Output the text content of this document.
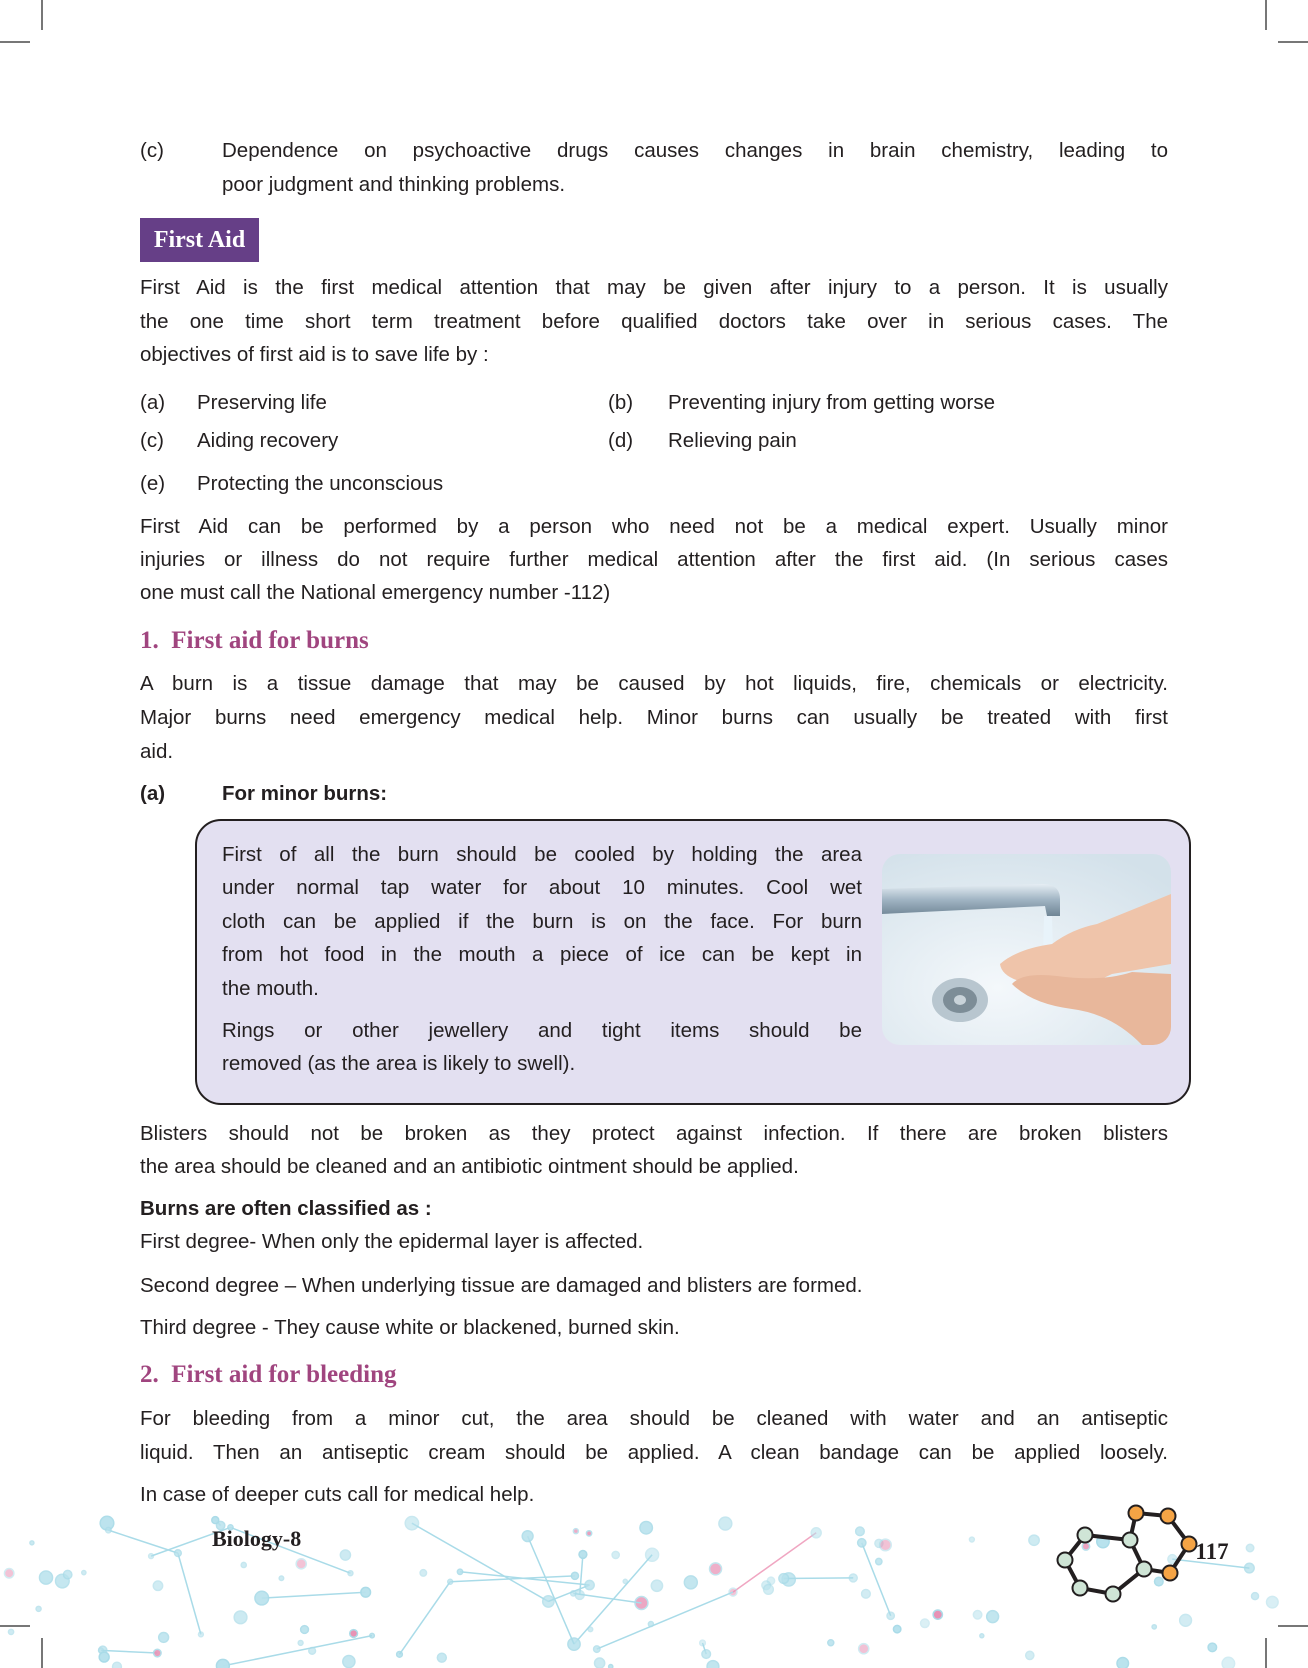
(c)	Dependence on psychoactive drugs causes changes in brain chemistry, leading to
poor judgment and thinking problems.
First Aid
First Aid is the first medical attention that may be given after injury to a person. It is usually
the one time short term treatment before qualified doctors take over in serious cases. The
objectives of first aid is to save life by :
(a) Preserving life	(b) Preventing injury from getting worse
(c) Aiding recovery	(d) Relieving pain
(e) Protecting the unconscious
First Aid can be performed by a person who need not be a medical expert. Usually minor
injuries or illness do not require further medical attention after the first aid. (In serious cases
one must call the National emergency number -112)
1.  First aid for burns
A burn is a tissue damage that may be caused by hot liquids, fire, chemicals or electricity.
Major burns need emergency medical help. Minor burns can usually be treated with first
aid.
(a)	For minor burns:
First of all the burn should be cooled by holding the area
under normal tap water for about 10 minutes. Cool wet
cloth can be applied if the burn is on the face. For burn
from hot food in the mouth a piece of ice can be kept in
the mouth.
Rings or other jewellery and tight items should be
removed (as the area is likely to swell).
Blisters should not be broken as they protect against infection. If there are broken blisters
the area should be cleaned and an antibiotic ointment should be applied.
Burns are often classified as :
First degree- When only the epidermal layer is affected.
Second degree – When underlying tissue are damaged and blisters are formed.
Third degree - They cause white or blackened, burned skin.
2.  First aid for bleeding
For bleeding from a minor cut, the area should be cleaned with water and an antiseptic
liquid. Then an antiseptic cream should be applied. A clean bandage can be applied loosely.
In case of deeper cuts call for medical help.
Biology-8
117
